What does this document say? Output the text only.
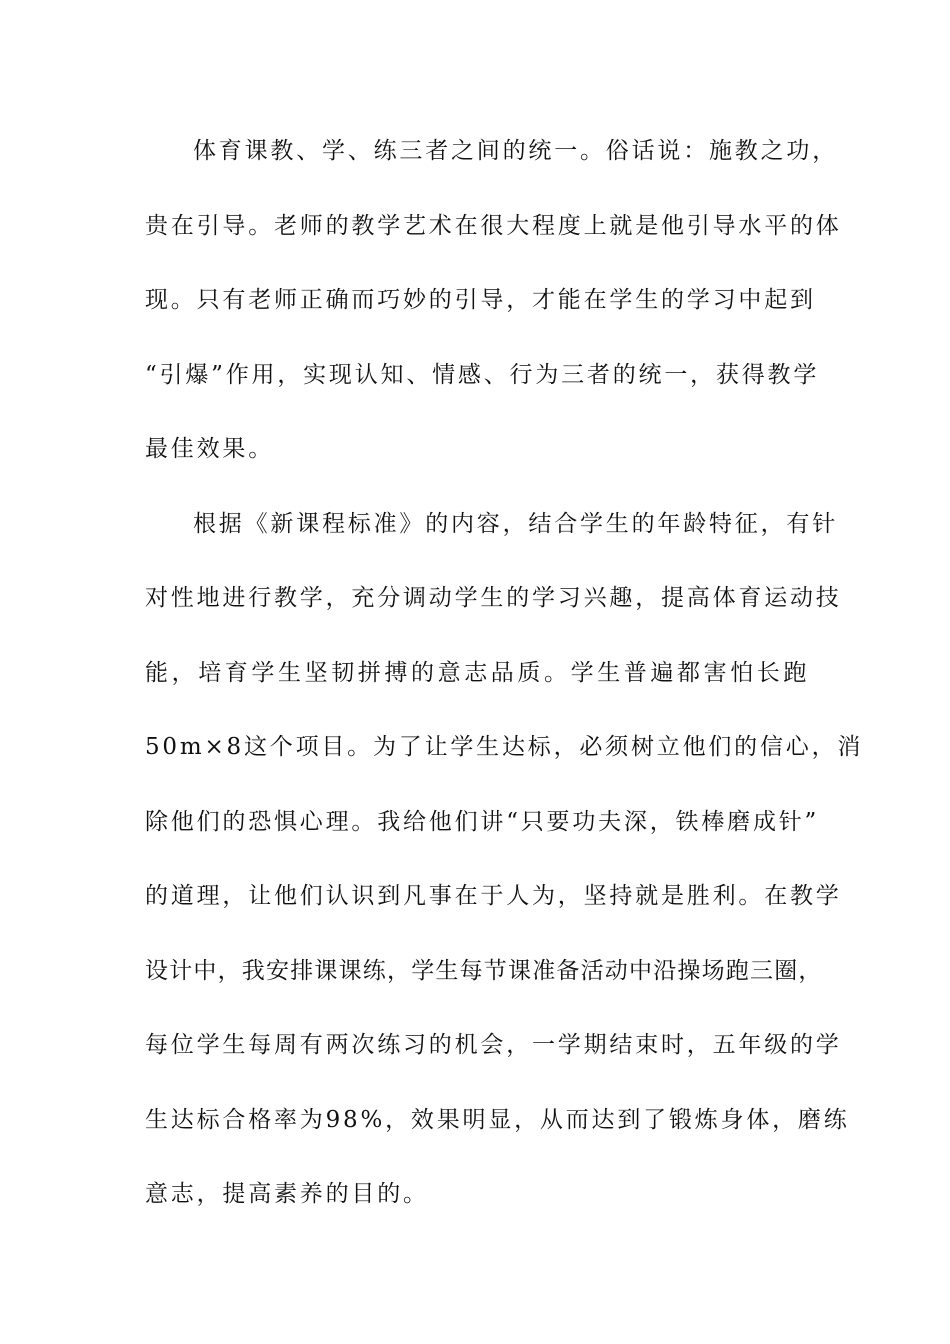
体育课教、学、练三者之间的统一。俗话说：施教之功，
贵在引导。老师的教学艺术在很大程度上就是他引导水平的体
现。只有老师正确而巧妙的引导，才能在学生的学习中起到
“引爆”作用，实现认知、情感、行为三者的统一，获得教学
最佳效果。
根据《新课程标准》的内容，结合学生的年龄特征，有针
对性地进行教学，充分调动学生的学习兴趣，提高体育运动技
能，培育学生坚韧拼搏的意志品质。学生普遍都害怕长跑
50m×8这个项目。为了让学生达标，必须树立他们的信心，消
除他们的恐惧心理。我给他们讲“只要功夫深，铁棒磨成针”
的道理，让他们认识到凡事在于人为，坚持就是胜利。在教学
设计中，我安排课课练，学生每节课准备活动中沿操场跑三圈，
每位学生每周有两次练习的机会，一学期结束时，五年级的学
生达标合格率为98%，效果明显，从而达到了锻炼身体，磨练
意志，提高素养的目的。
